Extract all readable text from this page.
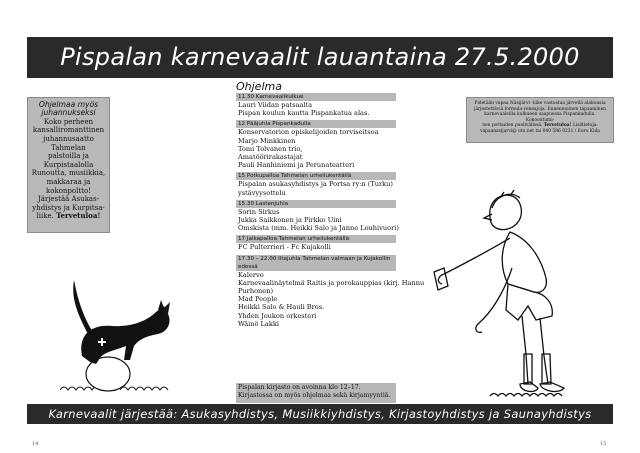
Pispalan karnevaalit lauantaina 27.5.2000
Ohjelmaa myös
juhannukseksi
Koko perheen
kansalliromanttinen
juhannusaatto Tahmelan
palstoilla ja
Kurpistaalolla
Runoutta, musiikkia,
makkaraa ja
kokonpoltto!
Järjestää Asukas-
yhdistys ja Kurpitsa-
liike. Tervetuloa!
Pidetään vapaa Näsijärvi -liike vastustaa järvellä alakuusia
järjestettäviä formula-veneajoja. Ennenmuinen tapaaminen
karnevaaleilla kulkueen saapuessa Pispankadulla. Kokoontumi-
nen portaiden puolivälissä. Tervetuloa! Lisätietoja:
vapaanasijarvi@ utu.net tai 040 586 0231 / Euro Kiila
Ohjelma
11.30 Karnevaalikulkue
Lauri Viidan patsaalta
Pispan koulun kautta Pispankatua alas.
12 Pääjuhla Pispankadulla
Konservatorion opiskelijoiden torviseitsoa
Marjo Minkkinen
Tomi Tolvanen trio,
Amatöörirakastajat
Pauli Hanhiniemi ja Perunateatteri
15 Potkupalloa Tahmelan urheilukentällä
Pispalan asukasyhdistys ja Portsa ry:n (Turku)
ystävyysottelu
15.30 Lastenjuhla
Sorin Sirkus
Jukka Saikkonen ja Pirkko Uini
Omskista (mm. Heikki Salo ja Janne Louhivuori)
17 Jalkapalloa Tahmelan urheilukentällä
FC Pulterrieri - Fc Kujakolli
17.30 – 22.00 Iltajuhla Tahmelan valmaan ja Kujakollin edessä
Kalervo
Karnevaalinäytelmä Raitis ja porokauppias (kirj. Hannu
Purhonen)
Mad People
Heikki Salo & Hauli Bros.
Yhden Joukon orkesteri
Wäinö Lakki
Pispalan kirjasto on avoinna klo 12–17.
Kirjastossa on myös ohjelmaa sekä kirjamyyntiä.
Karnevaalit järjestää: Asukasyhdistys, Musiikkiyhdistys, Kirjastoyhdistys ja Saunayhdistys
14	15
